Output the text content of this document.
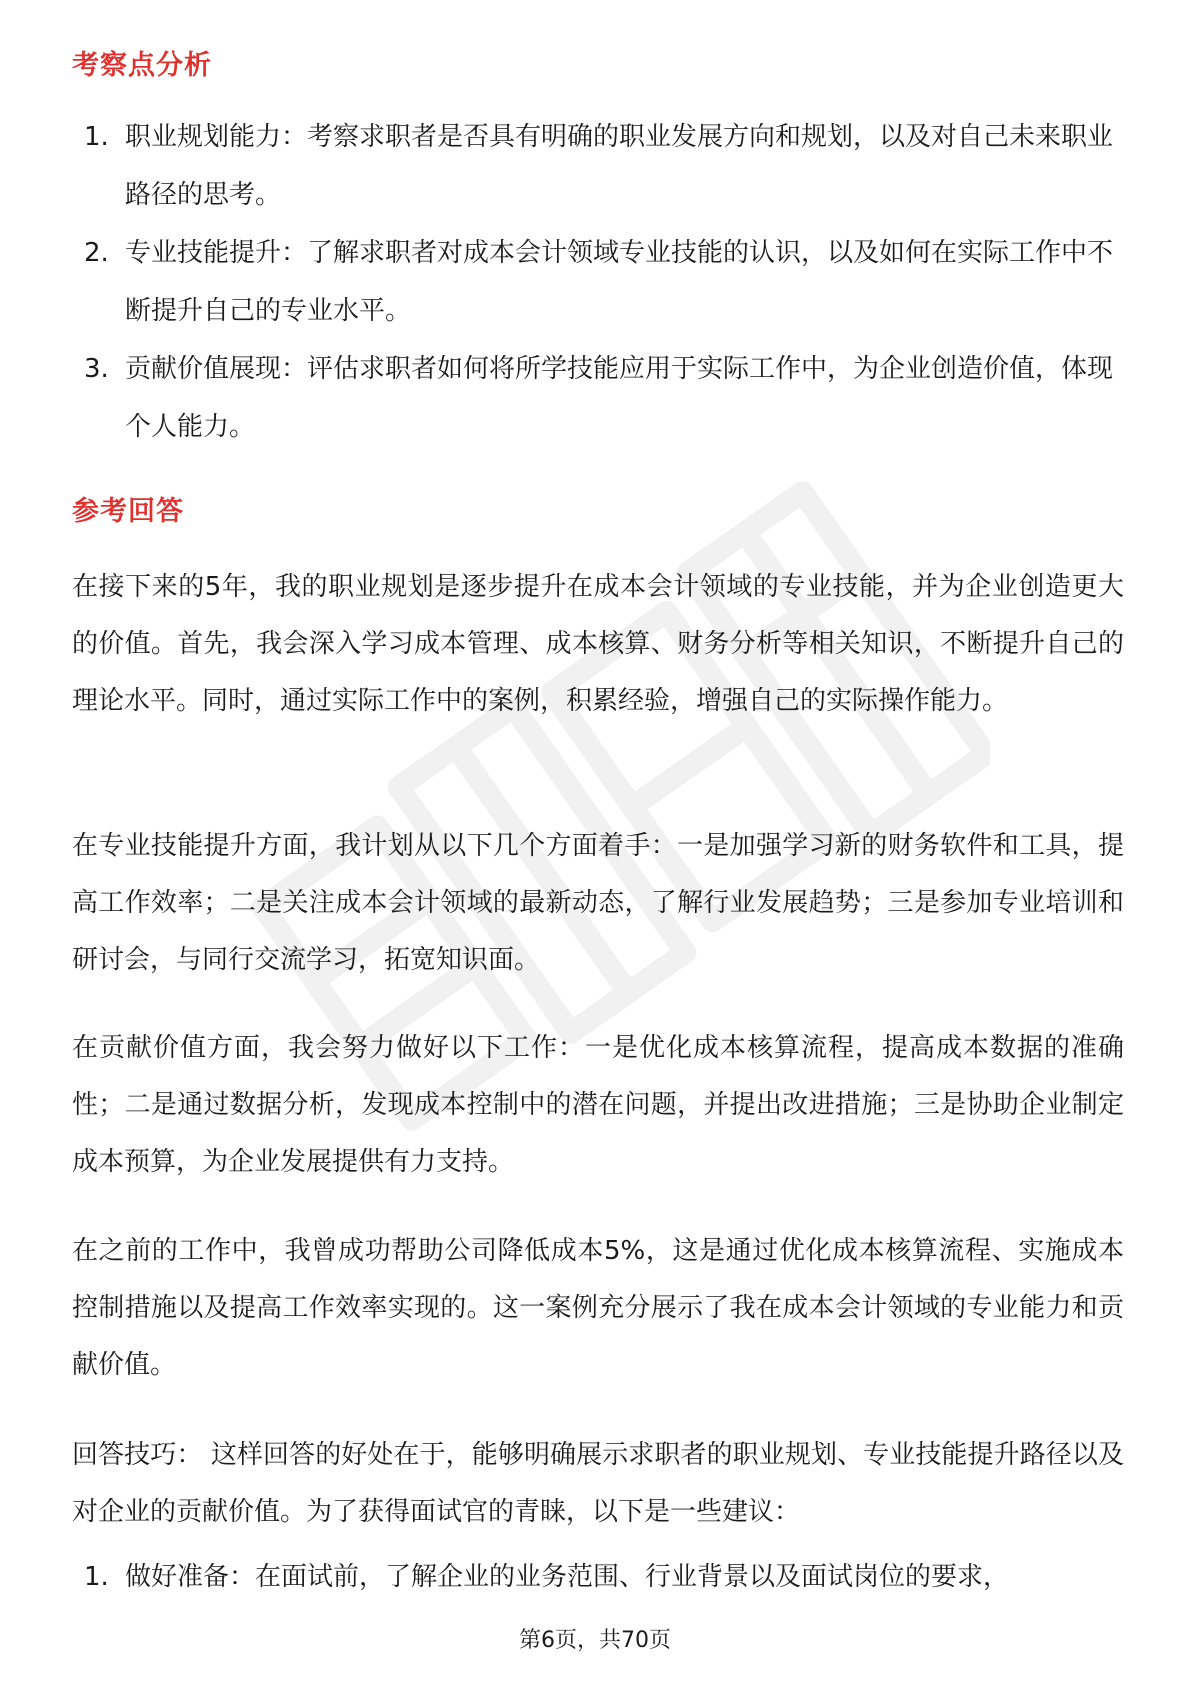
考察点分析
1. 职业规划能力：考察求职者是否具有明确的职业发展方向和规划，以及对自己未来职业路径的思考。
2. 专业技能提升：了解求职者对成本会计领域专业技能的认识，以及如何在实际工作中不断提升自己的专业水平。
3. 贡献价值展现：评估求职者如何将所学技能应用于实际工作中，为企业创造价值，体现个人能力。
参考回答

在接下来的5年，我的职业规划是逐步提升在成本会计领域的专业技能，并为企业创造更大的价值。首先，我会深入学习成本管理、成本核算、财务分析等相关知识，不断提升自己的理论水平。同时，通过实际工作中的案例，积累经验，增强自己的实际操作能力。

在专业技能提升方面，我计划从以下几个方面着手：一是加强学习新的财务软件和工具，提高工作效率；二是关注成本会计领域的最新动态，了解行业发展趋势；三是参加专业培训和研讨会，与同行交流学习，拓宽知识面。

在贡献价值方面，我会努力做好以下工作：一是优化成本核算流程，提高成本数据的准确性；二是通过数据分析，发现成本控制中的潜在问题，并提出改进措施；三是协助企业制定成本预算，为企业发展提供有力支持。

在之前的工作中，我曾成功帮助公司降低成本5%，这是通过优化成本核算流程、实施成本控制措施以及提高工作效率实现的。这一案例充分展示了我在成本会计领域的专业能力和贡献价值。

回答技巧： 这样回答的好处在于，能够明确展示求职者的职业规划、专业技能提升路径以及对企业的贡献价值。为了获得面试官的青睐，以下是一些建议：

1. 做好准备：在面试前，了解企业的业务范围、行业背景以及面试岗位的要求，
第6页，共70页
